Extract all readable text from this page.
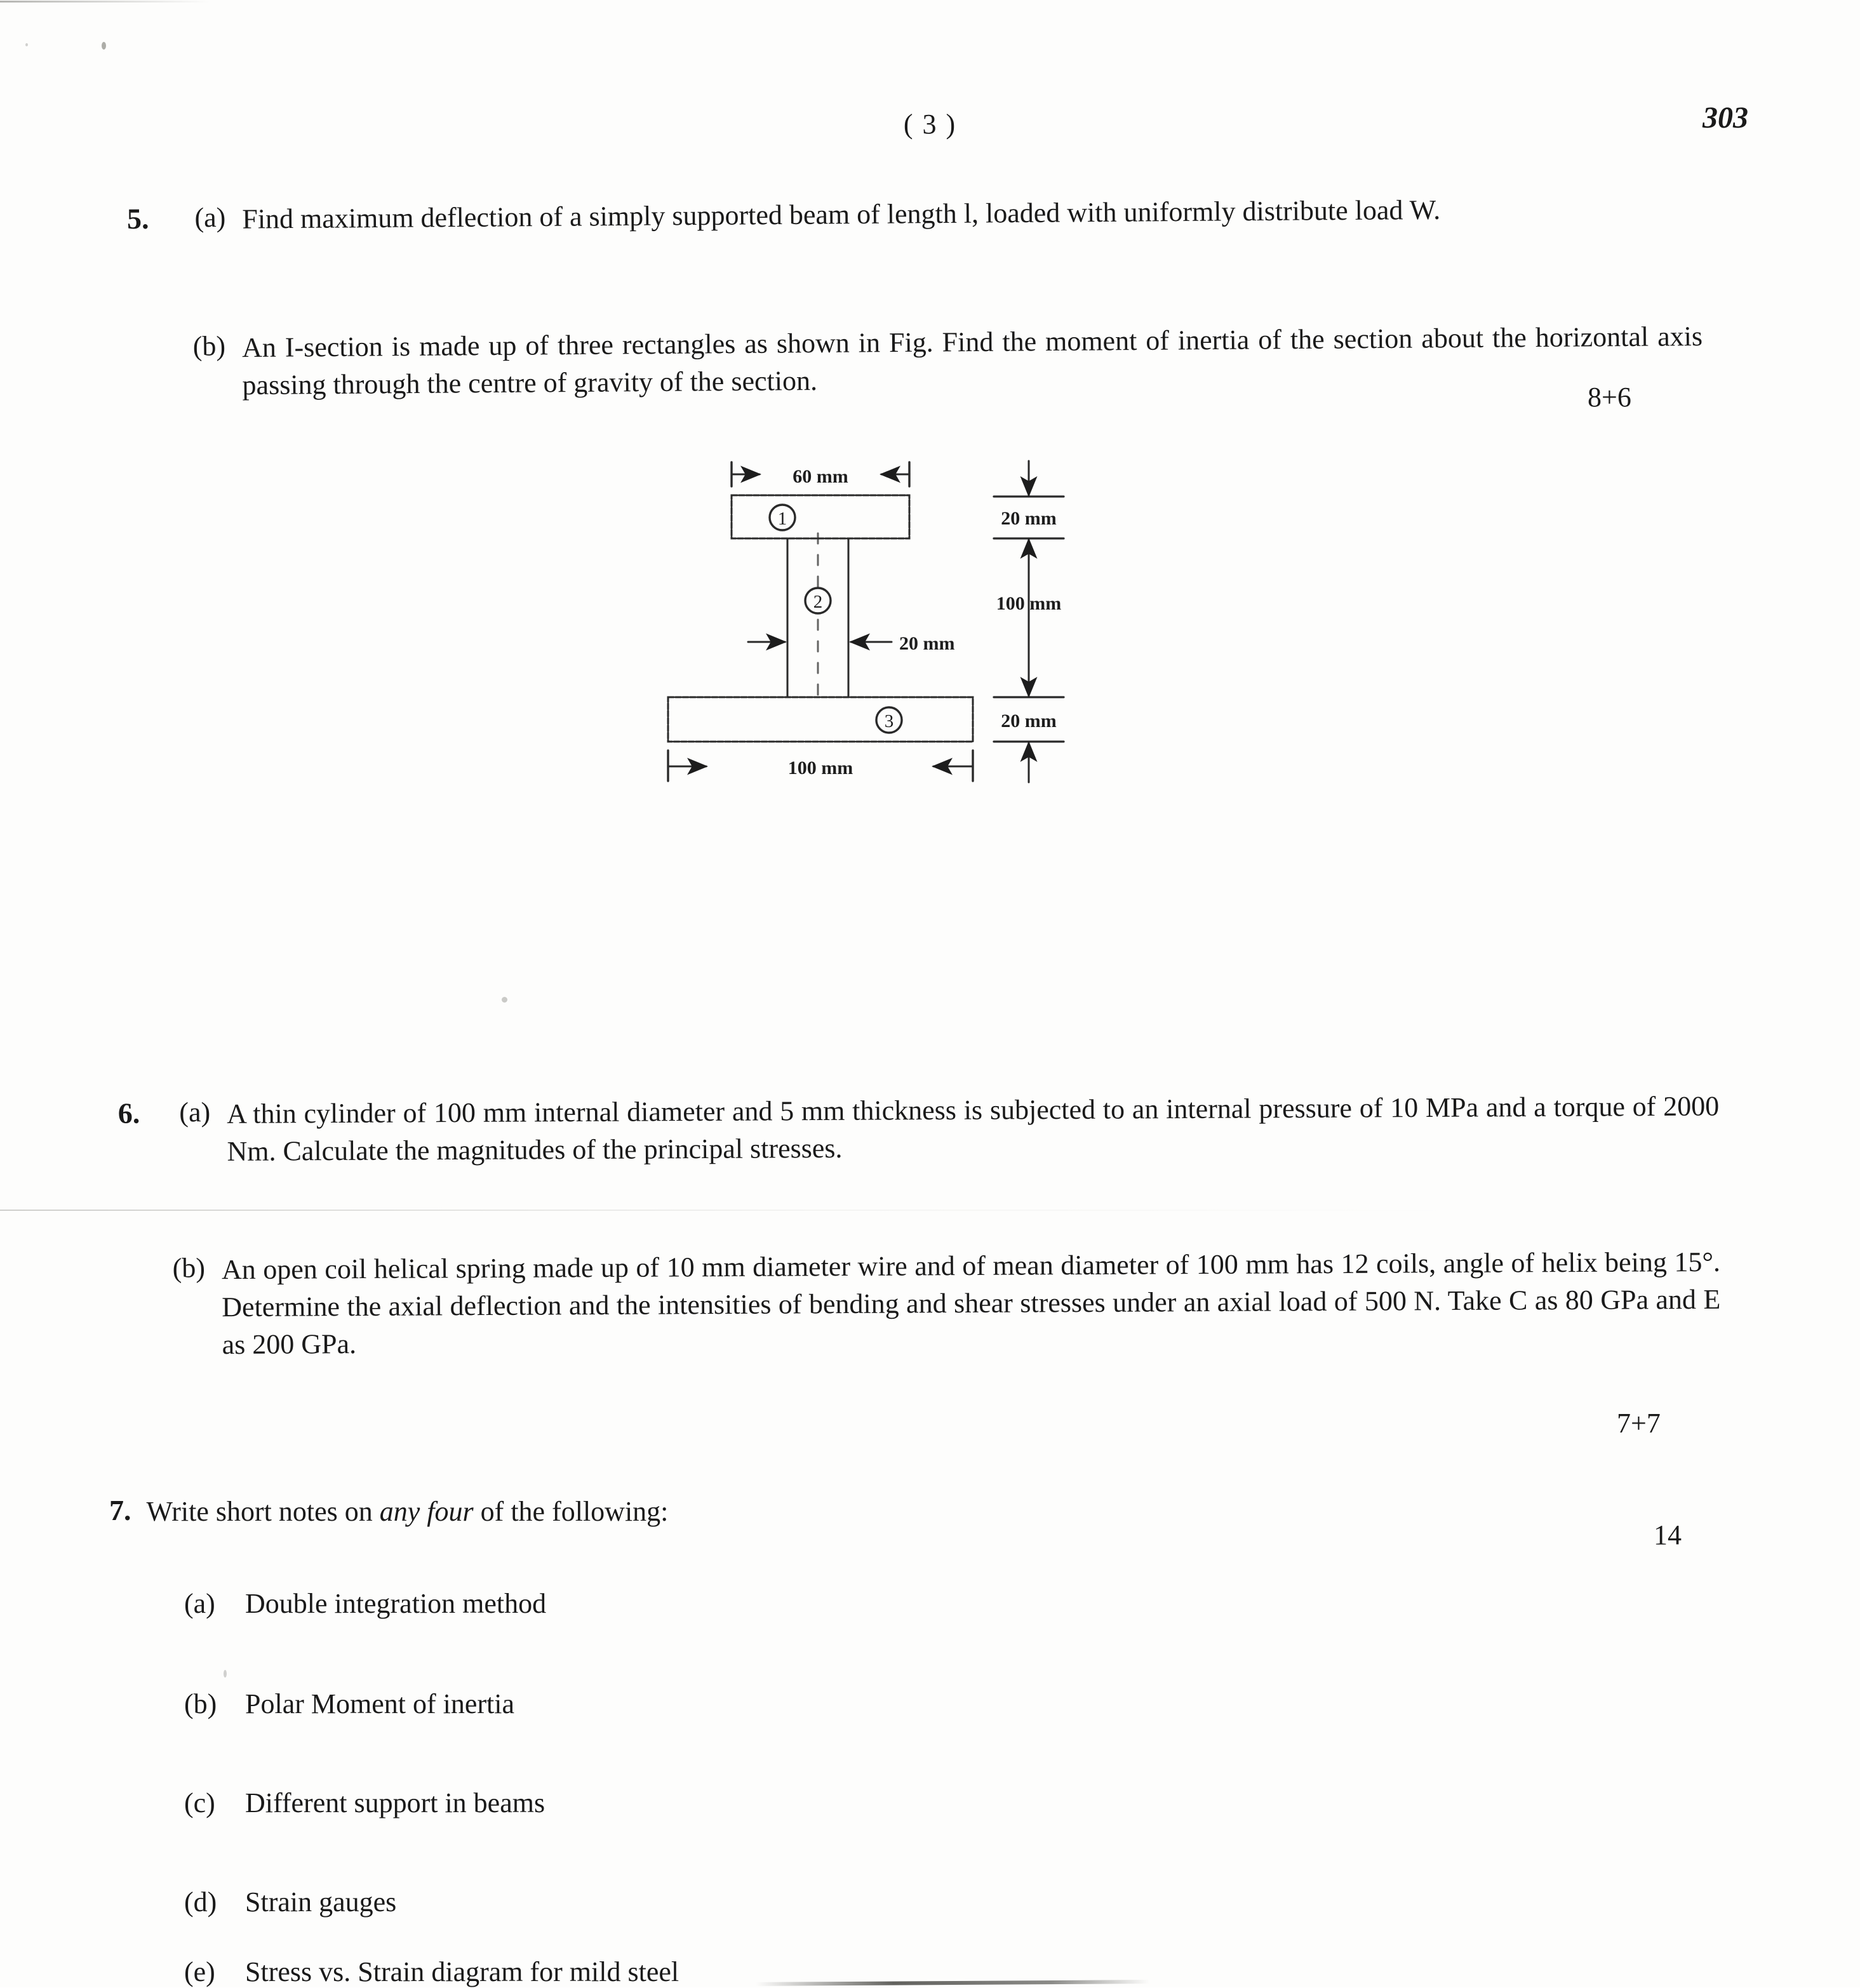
( 3 )	303
5. (a) Find maximum deflection of a simply supported beam of length l, loaded with uniformly distribute load W.
(b) An I-section is made up of three rectangles as shown in Fig. Find the moment of inertia of the section about the horizontal axis passing through the centre of gravity of the section.	8+6
60 mm
1
2
20 mm
3
100 mm
20 mm
100 mm
20 mm
6. (a) A thin cylinder of 100 mm internal diameter and 5 mm thickness is subjected to an internal pressure of 10 MPa and a torque of 2000 Nm. Calculate the magnitudes of the principal stresses.
(b) An open coil helical spring made up of 10 mm diameter wire and of mean diameter of 100 mm has 12 coils, angle of helix being 15°. Determine the axial deflection and the intensities of bending and shear stresses under an axial load of 500 N. Take C as 80 GPa and E as 200 GPa.
7+7
7. Write short notes on any four of the following:
14
(a)	Double integration method
(b)	Polar Moment of inertia
(c)	Different support in beams
(d)	Strain gauges
(e)	Stress vs. Strain diagram for mild steel
